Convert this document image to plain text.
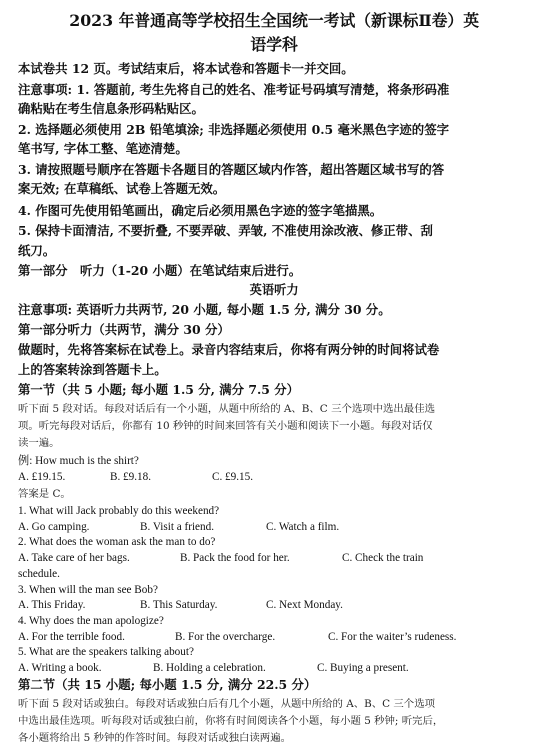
2023 年普通高等学校招生全国统一考试（新课标Ⅱ卷）英
语学科
本试卷共 12 页。考试结束后，将本试卷和答题卡一并交回。
注意事项: 1. 答题前, 考生先将自己的姓名、准考证号码填写清楚，将条形码准
确粘贴在考生信息条形码粘贴区。
2. 选择题必须使用 2B 铅笔填涂; 非选择题必须使用 0.5 毫米黑色字迹的签字
笔书写, 字体工整、笔迹清楚。
3. 请按照题号顺序在答题卡各题目的答题区域内作答，超出答题区域书写的答
案无效; 在草稿纸、试卷上答题无效。
4. 作图可先使用铅笔画出，确定后必须用黑色字迹的签字笔描黑。
5. 保持卡面清洁, 不要折叠, 不要弄破、弄皱, 不准使用涂改液、修正带、刮
纸刀。
第一部分　听力（1-20 小题）在笔试结束后进行。
英语听力
注意事项: 英语听力共两节, 20 小题, 每小题 1.5 分, 满分 30 分。
第一部分听力（共两节，满分 30 分）
做题时，先将答案标在试卷上。录音内容结束后，你将有两分钟的时间将试卷
上的答案转涂到答题卡上。
第一节（共 5 小题; 每小题 1.5 分, 满分 7.5 分）
听下面 5 段对话。每段对话后有一个小题，从题中所给的 A、B、C 三个选项中选出最佳选
项。听完每段对话后，你都有 10 秒钟的时间来回答有关小题和阅读下一小题。每段对话仅
读一遍。
例: How much is the shirt?
A. £19.15.	B. £9.18.	C. £9.15.
答案是 C。
1. What will Jack probably do this weekend?
A. Go camping.	B. Visit a friend.	C. Watch a film.
2. What does the woman ask the man to do?
A. Take care of her bags.	B. Pack the food for her.	C. Check the train
schedule.
3. When will the man see Bob?
A. This Friday.	B. This Saturday.	C. Next Monday.
4. Why does the man apologize?
A. For the terrible food.	B. For the overcharge.	C. For the waiter’s rudeness.
5. What are the speakers talking about?
A. Writing a book.	B. Holding a celebration.	C. Buying a present.
第二节（共 15 小题; 每小题 1.5 分, 满分 22.5 分）
听下面 5 段对话或独白。每段对话或独白后有几个小题，从题中所给的 A、B、C 三个选项
中选出最佳选项。听每段对话或独白前，你将有时间阅读各个小题，每小题 5 秒钟; 听完后，
各小题将给出 5 秒钟的作答时间。每段对话或独白读两遍。
